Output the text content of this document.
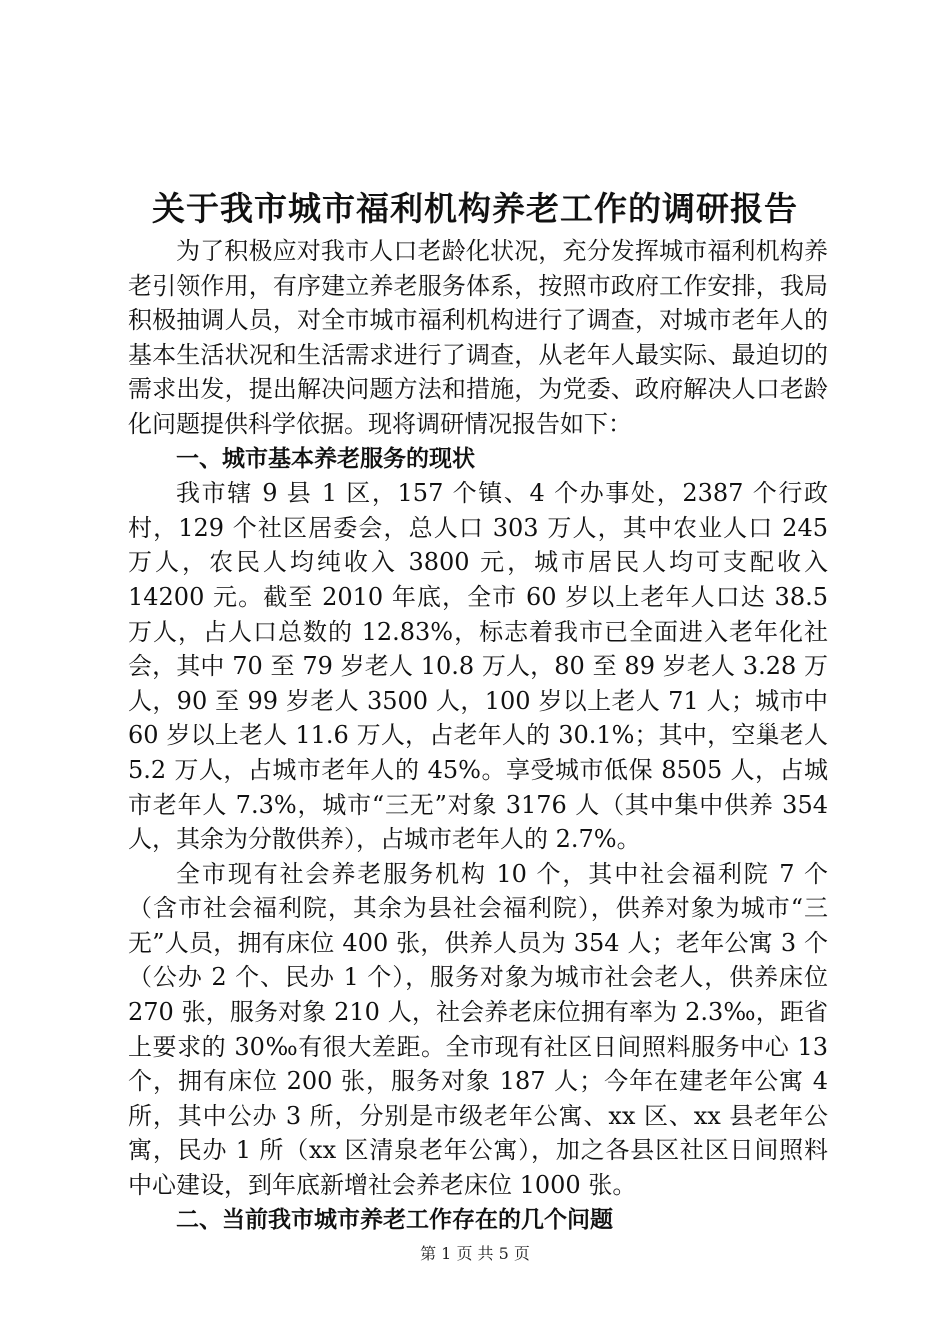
关于我市城市福利机构养老工作的调研报告

为了积极应对我市人口老龄化状况，充分发挥城市福利机构养老引领作用，有序建立养老服务体系，按照市政府工作安排，我局积极抽调人员，对全市城市福利机构进行了调查，对城市老年人的基本生活状况和生活需求进行了调查，从老年人最实际、最迫切的需求出发，提出解决问题方法和措施，为党委、政府解决人口老龄化问题提供科学依据。现将调研情况报告如下：

一、城市基本养老服务的现状

我市辖 9 县 1 区，157 个镇、4 个办事处，2387 个行政村，129 个社区居委会，总人口 303 万人，其中农业人口 245 万人，农民人均纯收入 3800 元，城市居民人均可支配收入 14200 元。截至 2010 年底，全市 60 岁以上老年人口达 38.5 万人，占人口总数的 12.83%，标志着我市已全面进入老年化社会，其中 70 至 79 岁老人 10.8 万人，80 至 89 岁老人 3.28 万人，90 至 99 岁老人 3500 人，100 岁以上老人 71 人；城市中 60 岁以上老人 11.6 万人，占老年人的 30.1%；其中，空巢老人 5.2 万人，占城市老年人的 45%。享受城市低保 8505 人，占城市老年人 7.3%，城市“三无”对象 3176 人（其中集中供养 354 人，其余为分散供养），占城市老年人的 2.7%。

全市现有社会养老服务机构 10 个，其中社会福利院 7 个（含市社会福利院，其余为县社会福利院），供养对象为城市“三无”人员，拥有床位 400 张，供养人员为 354 人；老年公寓 3 个（公办 2 个、民办 1 个），服务对象为城市社会老人，供养床位 270 张，服务对象 210 人，社会养老床位拥有率为 2.3‰，距省上要求的 30‰有很大差距。全市现有社区日间照料服务中心 13 个，拥有床位 200 张，服务对象 187 人；今年在建老年公寓 4 所，其中公办 3 所，分别是市级老年公寓、xx 区、xx 县老年公寓，民办 1 所（xx 区清泉老年公寓），加之各县区社区日间照料中心建设，到年底新增社会养老床位 1000 张。

二、当前我市城市养老工作存在的几个问题
第 1 页 共 5 页
